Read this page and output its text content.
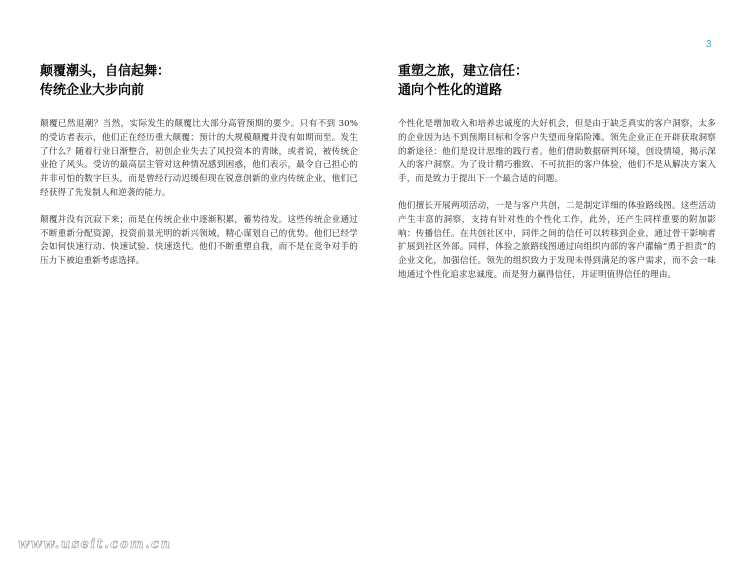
3
颠覆潮头，自信起舞：
传统企业大步向前

颠覆已然退潮？当然，实际发生的颠覆比大部分高管预期的要少。只有不到 30% 的受访者表示，他们正在经历重大颠覆；预计的大规模颠覆并没有如期而至。发生了什么？随着行业日渐整合，初创企业失去了风投资本的青睐，或者说，被传统企业抢了风头。受访的最高层主管对这种情况感到困惑，他们表示，最令自己担心的并非可怕的数字巨头，而是曾经行动迟缓但现在锐意创新的业内传统企业，他们已经获得了先发制人和逆袭的能力。

颠覆并没有沉寂下来；而是在传统企业中逐渐积累，蓄势待发。这些传统企业通过不断重新分配资源，投资前景光明的新兴领域，精心谋划自己的优势。他们已经学会如何快速行动、快速试验、快速迭代。他们不断重塑自我，而不是在竞争对手的压力下被迫重新考虑选择。

重塑之旅，建立信任：
通向个性化的道路

个性化是增加收入和培养忠诚度的大好机会，但是由于缺乏真实的客户洞察，太多的企业因为达不到预期目标和令客户失望而身陷险滩。领先企业正在开辟获取洞察的新途径：他们是设计思维的践行者。他们借助数据研判环境，创设情境，揭示深入的客户洞察。为了设计精巧雅致、不可抗拒的客户体验，他们不是从解决方案入手，而是致力于提出下一个最合适的问题。

他们擅长开展两项活动，一是与客户共创，二是制定详细的体验路线图。这些活动产生丰富的洞察，支持有针对性的个性化工作，此外，还产生同样重要的附加影响：传播信任。在共创社区中，同伴之间的信任可以转移到企业，通过骨干影响者扩展到社区外部。同样，体验之旅路线图通过向组织内部的客户灌输“勇于担责”的企业文化，加强信任。领先的组织致力于发现未得到满足的客户需求，而不会一味地通过个性化追求忠诚度。而是努力赢得信任，并证明值得信任的理由。

www.useit.com.cn
